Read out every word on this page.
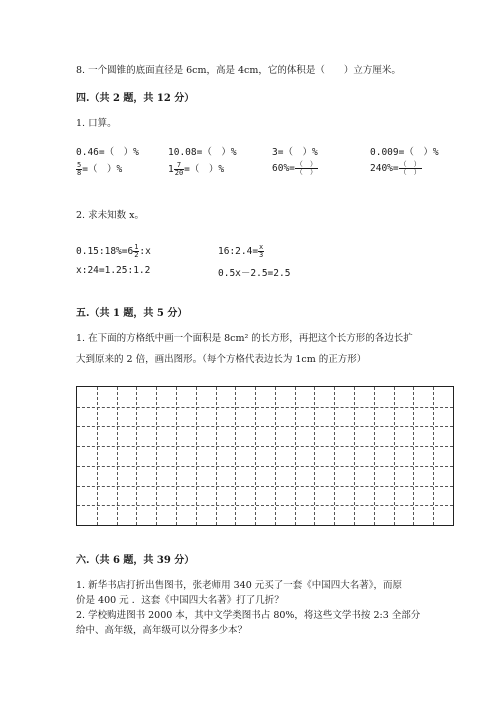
8. 一个圆锥的底面直径是 6cm，高是 4cm，它的体积是（　　）立方厘米。
四.（共 2 题，共 12 分）
1. 口算。
0.46=（　）%	10.08=（　）%	3=（　）%	0.009=（　）%
$\frac{5}{8}$ =（　）%	$1 \frac{7}{20}$ =（　）%	$60\%= \frac{( )}{( )}$	$240\%= \frac{( )}{( )}$
2. 求未知数 x。
0.15:18%=6 $\frac{1}{2}$ :x	16:2.4= $\frac{x}{3}$
x:24=1.25:1.2	0.5x－2.5=2.5
五.（共 1 题，共 5 分）
1. 在下面的方格纸中画一个面积是 8cm² 的长方形，再把这个长方形的各边长扩
大到原来的 2 倍，画出图形。（每个方格代表边长为 1cm 的正方形）
六.（共 6 题，共 39 分）
1. 新华书店打折出售图书，张老师用 340 元买了一套《中国四大名著》，而原
价是 400 元 ．这套《中国四大名著》打了几折？
2. 学校购进图书 2000 本，其中文学类图书占 80%，将这些文学书按 2:3 全部分
给中、高年级，高年级可以分得多少本？
